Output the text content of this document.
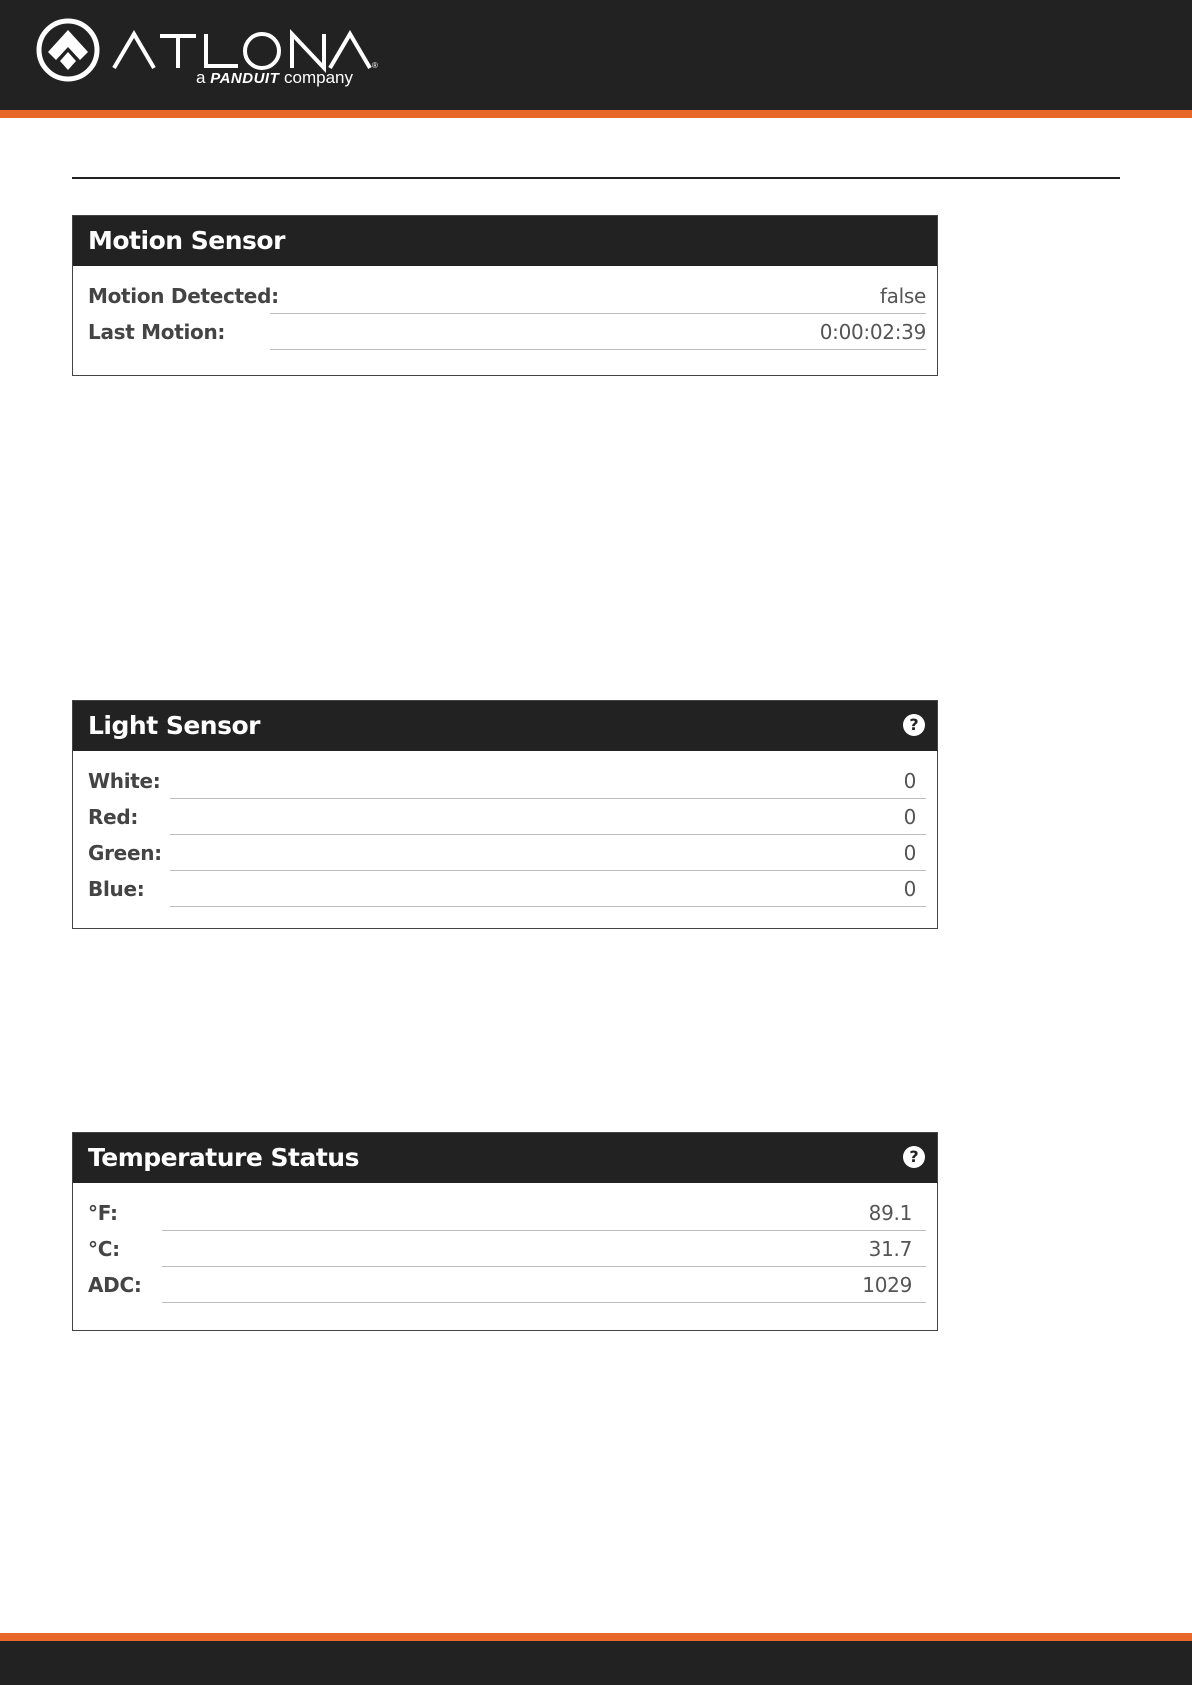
®
a PANDUIT company
Motion Sensor
Motion Detected:	false
Last Motion:	0:00:02:39
Light Sensor	?
White:	0
Red:	0
Green:	0
Blue:	0
Temperature Status	?
°F:	89.1
°C:	31.7
ADC:	1029
